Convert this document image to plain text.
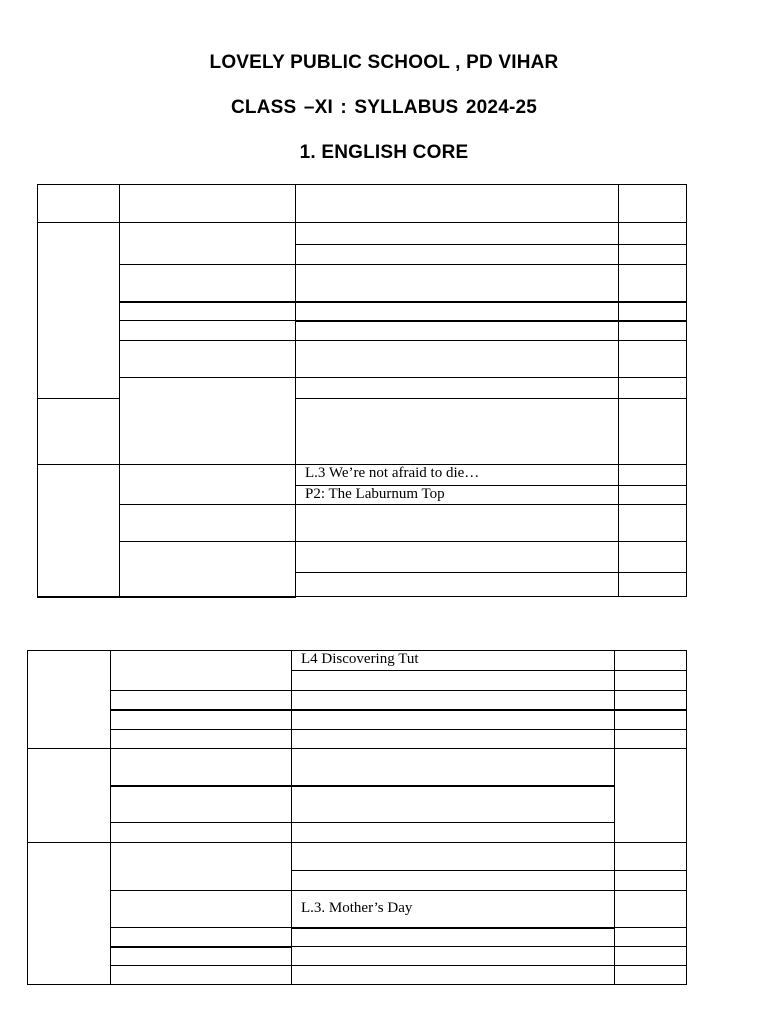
LOVELY PUBLIC SCHOOL , PD VIHAR
CLASS –XI : SYLLABUS 2024-25
1. ENGLISH CORE

		L.3 We’re not afraid to die…		
		P2: The Laburnum Top		

		L4 Discovering Tut	

		L.3. Mother’s Day	
